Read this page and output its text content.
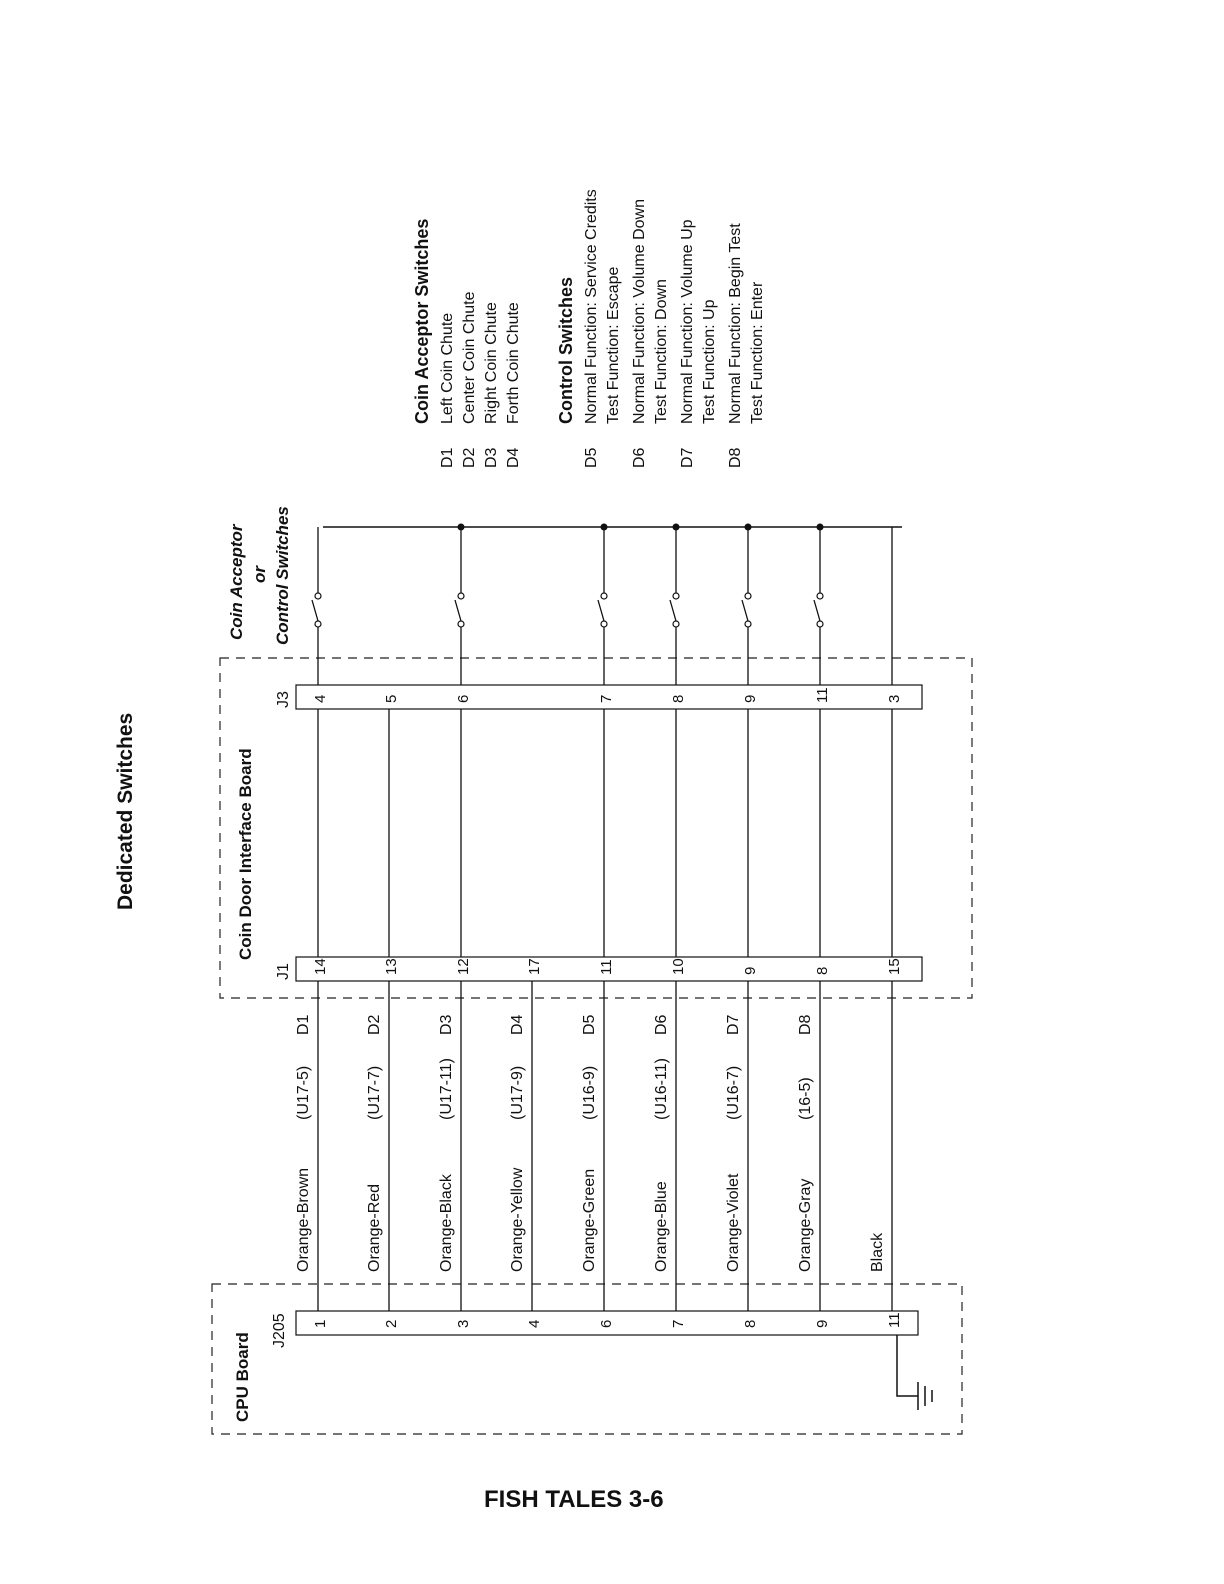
Dedicated Switches
CPU Board
J205
Coin Door Interface Board
J1
J3
Coin Acceptor or Control Switches
1
14
4
Orange-Brown
(U17-5)
D1
2
13
5
Orange-Red
(U17-7)
D2
3
12
6
Orange-Black
(U17-11)
D3
4
17
Orange-Yellow
(U17-9)
D4
6
11
7
Orange-Green
(U16-9)
D5
7
10
8
Orange-Blue
(U16-11)
D6
8
9
9
Orange-Violet
(U16-7)
D7
9
8
11
Orange-Gray
(16-5)
D8
11
15
3
Black
Coin Acceptor Switches
D1
Left Coin Chute
D2
Center Coin Chute
D3
Right Coin Chute
D4
Forth Coin Chute Control Switches
D5
Normal Function: Service Credits Test Function: Escape
D6
Normal Function: Volume Down Test Function: Down
D7
Normal Function: Volume Up Test Function: Up
D8
Normal Function: Begin Test Test Function: Enter
FISH TALES 3-6
